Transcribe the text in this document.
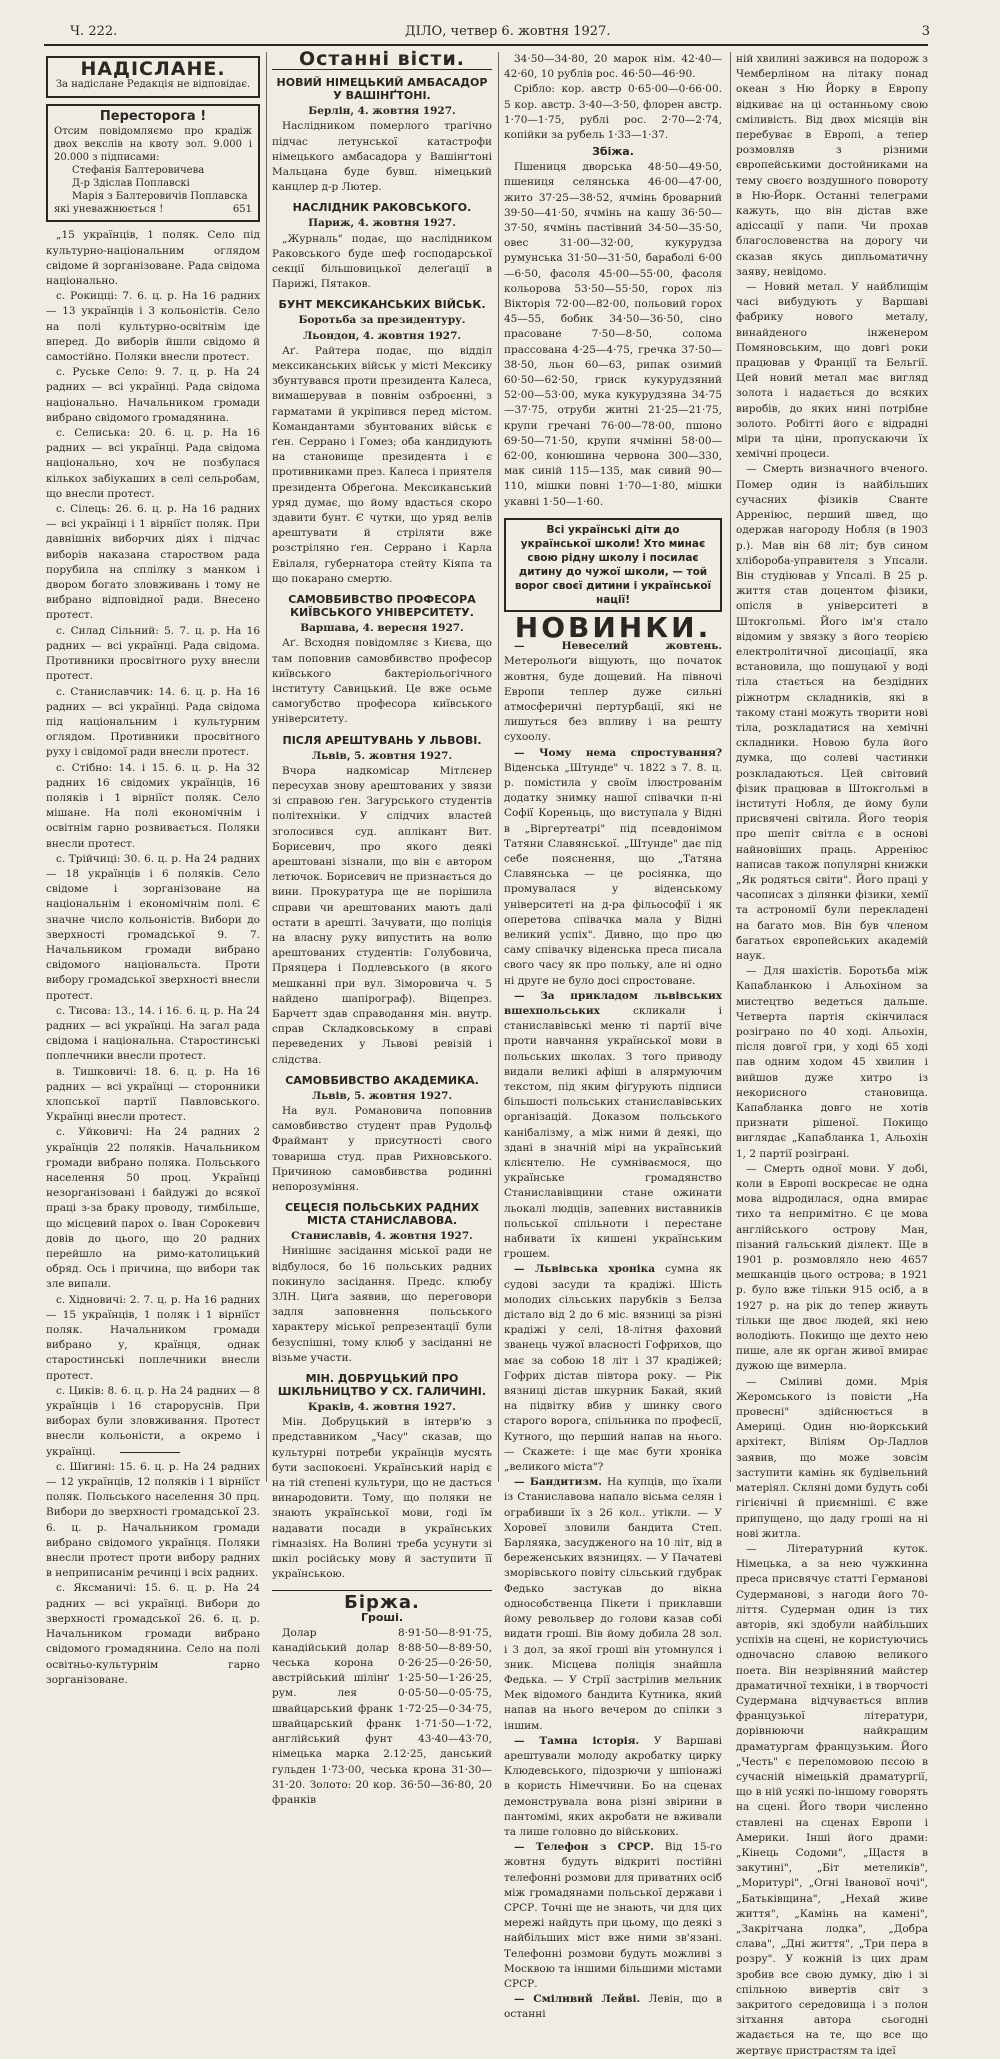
Ч. 222.	ДІЛО, четвер 6. жовтня 1927.	3
НАДІСЛАНЕ.
За надіслане Редакція не відповідає.
Пересторога !
Отсим повідомляємо про крадіж двох векслів на квоту зол. 9.000 і 20.000 з підписами:
Стефанія Балтеровичева
Д-р Здіслав Поплавскі
Марія з Балтеровичів Поплавска
які уневажнюється !	651

„15 українців, 1 поляк. Село під культурно-національним оглядом свідоме й зорганізоване. Рада свідома національно.

с. Рокицці: 7. 6. ц. р. На 16 радних — 13 українців і 3 кольоністів. Село на полі культурно-освітнім іде вперед. До виборів йшли свідомо й самостійно. Поляки внесли протест.

с. Руське Село: 9. 7. ц. р. На 24 радних — всі українці. Рада свідома національно. Начальником громади вибрано свідомого громадянина.

с. Селиська: 20. 6. ц. р. На 16 радних — всі українці. Рада свідома національно, хоч не позбулася кількох забіукаших в селі сельробам, що внесли протест.

с. Сілець: 26. 6. ц. р. На 16 радних — всі українці і 1 вірніїст поляк. При давнішніх виборчих діях і підчас виборів наказана староством рада порубила на сплілку з манком і двором богато зловживань і тому не вибрано відповідної ради. Внесено протест.

с. Силад Сільний: 5. 7. ц. р. На 16 радних — всі українці. Рада свідома. Противники просвітного руху внесли протест.

с. Станиславчик: 14. 6. ц. р. На 16 радних — всі українці. Рада свідома під національним і культурним оглядом. Противники просвітного руху і свідомої ради внесли протест.

с. Стібно: 14. і 15. 6. ц. р. На 32 радних 16 свідомих українців, 16 поляків і 1 вірніїст поляк. Село мішане. На полі економічнім і освітнім гарно розвивається. Поляки внесли протест.

с. Трійчиці: 30. 6. ц. р. На 24 радних — 18 українців і 6 поляків. Село свідоме і зорганізоване на національнім і економічнім полі. Є значне число кольоністів. Вибори до зверхності громадської 9. 7. Начальником громади вибрано свідомого національста. Проти вибору громадської зверхності внесли протест.

с. Тисова: 13., 14. і 16. 6. ц. р. На 24 радних — всі українці. На загал рада свідома і національна. Старостинські поплечники внесли протест.

в. Тишковичі: 18. 6. ц. р. На 16 радних — всі українці — сторонники хлопської партії Павловського. Українці внесли протест.

с. Уйковичі: На 24 радних 2 українців 22 поляків. Начальником громади вибрано поляка. Польського населення 50 проц. Українці незорганізовані і байдужі до всякої праці з-за браку проводу, тимбільше, що місцевий парох о. Іван Сорокевич довів до цього, що 20 радних перейшло на римо-католицький обряд. Ось і причина, що вибори так зле випали.

с. Хідновичі: 2. 7. ц. р. На 16 радних — 15 українців, 1 поляк і 1 вірніїст поляк. Начальником громади вибрано у, країнця, однак старостинські поплечники внесли протест.

с. Циків: 8. 6. ц. р. На 24 радних — 8 українців і 16 староруснів. При виборах були зловживання. Протест внесли кольоністи, а окремо і українці.

с. Шигині: 15. 6. ц. р. На 24 радних — 12 українців, 12 поляків і 1 вірніїст поляк. Польського населення 30 прц. Вибори до зверхності громадської 23. 6. ц. р. Начальником громади вибрано свідомого українця. Поляки внесли протест проти вибору радних в неприписанім речинці і всіх радних.

с. Яксманичі: 15. 6. ц. р. На 24 радних — всі українці. Вибори до зверхності громадської 26. 6. ц. р. Начальником громади вибрано свідомого громадянина. Село на полі освітньо-культурнім гарно зорганізоване.

Останні вісти.
НОВИЙ НІМЕЦЬКИЙ АМБАСАДОР У ВАШІНҐТОНІ.

Берлін, 4. жовтня 1927.

Наслідником померлого трагічно підчас летунської катастрофи німецького амбасадора у Вашінґтоні Мальцана буде бувш. німецький канцлер д-р Лютер.

НАСЛІДНИК РАКОВСЬКОГО.

Париж, 4. жовтня 1927.

„Журналь" подає, що наслідником Раковського буде шеф господарської секції більшовицької делеґації в Парижі, Пятаков.

БУНТ МЕКСИКАНСЬКИХ ВІЙСЬК.

Боротьба за президентуру.

Льондон, 4. жовтня 1927.

Аґ. Райтера подає, що відділ мексиканських військ у місті Мексику збунтувався проти президента Калеса, вимашерував в повнім озброєнні, з гарматами й укріпився перед містом. Командантами збунтованих військ є ґен. Серрано і Гомез; оба кандидують на становище президента і є противниками през. Калеса і приятеля президента Обреґона. Мексиканський уряд думає, що йому вдасться скоро здавити бунт. Є чутки, що уряд велів арештувати й стріляти вже розстріляно ґен. Серрано і Карла Евілаля, губернатора стейту Кіяпа та що покарано смертю.

САМОВБИВСТВО ПРОФЕСОРА КИЇВСЬКОГО УНІВЕРСИТЕТУ.

Варшава, 4. вересня 1927.

Аґ. Всходня повідомляє з Києва, що там поповнив самовбивство професор київського бактеріольогічного інституту Савицький. Це вже осьме самогубство професора київського університету.

ПІСЛЯ АРЕШТУВАНЬ У ЛЬВОВІ.

Львів, 5. жовтня 1927.

Вчора надкомісар Мітлєнер пересухав знову арештованих у звязи зі справою ґен. Загурського студентів політехніки. У слідчих властей зголосився сyд. аплікант Вит. Борисевич, про якого деякі арештовані зізнали, що він є автором летючок. Борисевич не признається до вини. Прокуратура ще не порішила справи чи арештованих мають далі остати в арешті. Зачувати, що поліція на власну руку випустить на волю арештованих студентів: Голубовича, Пряяцера і Подлевського (в якого мешканні при вул. Зіморовича ч. 5 найдено шапірограф). Віцепрез. Барчетт здав справодання мін. внутр. справ Складковському в справі переведених у Львові ревізій і слідства.

САМОВБИВСТВО АКАДЕМИКА.

Львів, 5. жовтня 1927.

На вул. Романовича поповнив самовбивство студент прав Рудольф Фраймант у присутності свого товариша студ. прав Рихновського. Причиною самовбивства родинні непорозуміння.

СЕЦЕСІЯ ПОЛЬСЬКИХ РАДНИХ МІСТА СТАНИСЛАВОВА.

Станиславів, 4. жовтня 1927.

Нинішнє засідання міської ради не відбулося, бо 16 польських радних покинуло засідання. Предс. клюбу ЗЛН. Циґа заявив, що переговори задля заповнення польського характеру міської репрезентації були безуспішні, тому клюб у засіданні не візьме участи.

МІН. ДОБРУЦЬКИЙ ПРО ШКІЛЬНИЦТВО У СХ. ГАЛИЧИНІ.

Краків, 4. жовтня 1927.

Мін. Добруцький в інтерв'ю з представником „Часу" сказав, що культурні потреби українців мусять бути заспокоєні. Український нарід є на тій степені культури, що не дасться винародовити. Тому, що поляки не знають української мови, годі їм надавати посади в українських гімназіях. На Волині треба усунути зі шкіл російську мову й заступити її українською.

Біржа.
Гроші.

Долар 8·91·50—8·91·75, канадійський долар 8·88·50—8·89·50, чеська корона 0·26·25—0·26·50, австрійський шілінґ 1·25·50—1·26·25, рум. лея 0·05·50—0·05·75, швайцарський франк 1·72·25—0·34·75, швайцарський франк 1·71·50—1·72, англійський фунт 43·40—43·70, німецька марка 2.12·25, данський гульден 1·73·00, чеська крона 31·30—31·20. Золото: 20 кор. 36·50—36·80, 20 франків

34·50—34·80, 20 марок нім. 42·40—42·60, 10 рублів рос. 46·50—46·90.

Срібло: кор. австр 0·65·00—0·66·00. 5 кор. австр. 3·40—3·50, флорен австр. 1·70—1·75, рублі рос. 2·70—2·74, копійки за рубель 1·33—1·37.

Збіжа.

Пшениця дворська 48·50—49·50, пшениця селянська 46·00—47·00, жито 37·25—38·52, ячмінь броварний 39·50—41·50, ячмінь на кашу 36·50—37·50, ячмінь пастівний 34·50—35·50, овес 31·00—32·00, кукурудза румунська 31·50—31·50, бараболі 6·00—6·50, фасоля 45·00—55·00, фасоля кольорова 53·50—55·50, горох ліз Вікторія 72·00—82·00, польовий горох 45—55, бобик 34·50—36·50, сіно прасоване 7·50—8·50, солома прассована 4·25—4·75, гречка 37·50—38·50, льон 60—63, рипак озимий 60·50—62·50, гриск кукурудзяний 52·00—53·00, мука кукурудзяна 34·75—37·75, отруби житні 21·25—21·75, крупи гречані 76·00—78·00, пшоно 69·50—71·50, крупи ячмінні 58·00—62·00, конюшина червона 300—330, мак синій 115—135, мак сивий 90—110, мішки повні 1·70—1·80, мішки укавні 1·50—1·60.

Всі українські діти до української школи! Хто минає свою рідну школу і посилає дитину до чужої школи, — той ворог своєї дитини і української нації!
НОВИНКИ.

— Невеселий жовтень. Метерольоґи віщують, що початок жовтня, буде дощевий. На півночі Европи теплер дуже сильні атмосферичні пертурбації, які не лишуться без впливу і на решту сухоолу.

— Чому нема спростування? Віденська „Штунде" ч. 1822 з 7. 8. ц. р. помістила у своїм ілюстрованім додатку знимку нашої співачки п-ні Софії Кореньць, що виступала у Відні в „Віргертеатрі" під псевдонімом Татяни Славянської. „Штунде" дає під себе пояснення, що „Татяна Славянська — це росіянка, що промувалася у віденському університеті на д-ра фільософії і як оперетова співачка мала у Відні великий успіх". Дивно, що про цю саму співачку віденська преса писала свого часу як про польку, але ні одно ні друге не було досі спростоване.

— За прикладом львівських вшехпольських	скликали і станиславівські меню ті партії віче проти навчання української мови в польських школах. З того приводу видали великі афіші в алярмуючим текстом, під яким фіґурують підписи більшості польських станиславівських організацій. Доказом польського канібалізму, а між ними й деякі, що здані в значній мірі на український клієнтелю. Не сумніваємося, що українське громадянство Станиславівщини стане ожинати льокалі людців, запевних виставників польської спільноти і перестане набивати їх кишені українським грошем.

— Львівська хроніка сумна як судові засуди та крадіжі. Шість молодих сільських парубків з Белза дістало від 2 до 6 міс. вязниці за різні крадіжі у селі, 18-літня фаховий званець чужої власності Гофрихов, що має за собою 18 літ і 37 крадіжей; Гофрих дістав півтора року. — Рік вязниці дістав шкурник Бакай, який на підвітку вбив у шинку свого старого ворога, спільника по професії, Кутного, що перший напав на нього. — Скажете: і ще має бути хроніка „великого міста"?

— Бандитизм. На купців, що їхали із Станиславова напало вісьма селян і ограбивши їх з 26 кол.. утікли. — У Хоровеї зловили бандита Степ. Барляяка, засудженого на 10 літ, від в береженських вязницях. — У Пачатеві зморівського повіту сільський гдубрак Федько застукав до вікна однособственца Пікети і приклавши йому револьвер до голови казав собі видати гроші. Вів йому добила 28 зол. і 3 дол, за якої гроші він утомнулся і зник. Місцева поліція знайшла Федька. — У Стрії застрілив мельник Мек відомого бандита Кутника, який напав на нього вечером до спілки з іншим.

— Тамна історія. У Варшаві арештували молоду акробатку цирку Клюдевського, підозрючи у шпіонажі в користь Німеччини. Бо на сценах демонструвала вона різні звірини в пантомімі, яких акробати не вживали та лише головно до військових.

— Телефон з СРСР. Від 15-го жовтня будуть відкриті постійні телефонні розмови для приватних осіб між громадянами польської держави і СРСР. Точні ще не знають, чи для цих мережі найдуть при цьому, що деякі з найбільших міст вже ними зв'язані. Телефонні розмови будуть можливі з Москвою та іншими більшими містами СРСР.

— Сміливий Лейві. Левін, що в останні

ній хвилині зажився на подорож з Чемберліном на літаку понад океан з Ню Йорку в Европу відкиває на ці останньому свою сміливість. Від двох місяців він перебуває в Европі, а тепер розмовляв з різними європейськими достойниками на тему своєго воздушного повороту в Ню-Йорк. Останні телеграми кажуть, що він дістав вже адіссації у папи. Чи прохав благословенства на дорогу чи сказав якусь дипльоматичну заяву, невідомо.

— Новий метал. У найблищім часі вибудують у Варшаві фабрику нового металу, винайденого інженером Помяновським, що довгі роки працював у Франції та Бельгії. Цей новий метал має вигляд золота і надається до всяких виробів, до яких нині потрібне золото. Робітті його є відрадні міри та ціни, пропускаючи їх хемічні процеси.

— Смерть визначного вченого. Помер один із найбільших сучасних фізиків Сванте Арреніюс, перший швед, що одержав нагороду Нобля (в 1903 р.). Мав він 68 літ; був сином хлібороба-управителя з Упсали. Він студіював у Упсалі. В 25 р. життя став доцентом фізики, опісля в університеті в Штокгольмі. Його ім'я стало відомим у звязку з його теорією електролітичної дисоціації, яка встановила, що пошуцаюї у воді тіла стається на бездідних ріжнотрм складників, які в такому стані можуть творити нові тіла, розкладатися на хемічні складники. Новою була його думка, що солеві частинки розкладаються. Цей світовий фізик працював в Штокгольмі в інституті Нобля, де йому були присвячені світила. Його теорія про шепіт світла є в основі найновіших праць. Арреніюс написав також популярні книжки „Як родяться світи". Його праці у часописах з ділянки фізики, хемії та астрономії були перекладені на багато мов. Він був членом багатьох європейських академій наук.

— Для шахістів. Боротьба між Капабланкою і Альохіном за мистецтво ведеться дальше. Четверта партія скінчилася розіграно по 40 ході. Альохін, після довгої гри, у ході 65 ході пав одним ходом 45 хвилин і вийшов дуже хитро із некорисного становища. Капабланка довго не хотів признати рішеної. Покищо виглядає „Капабланка 1, Альохін 1, 2 партії розіграні.

— Смерть одної мови. У добі, коли в Европі воскресає не одна мова відродилася, одна вмирає тихо та непримітно. Є це мова англійського острову Ман, пізаний гальський діялект. Ще в 1901 р. розмовляло нею 4657 мешканців цього острова; в 1921 р. було вже тільки 915 осіб, а в 1927 р. на рік до тепер живуть тільки ще двоє людей, які нею володіють. Покищо ще дехто нею пише, але як орган живої вмирає дужою ще вимерла.

— Сміливі доми. Мрія Жеромського із повісти „На провесні" здійснюється в Америці. Один ню-йоркський архітект, Віліям Ор-Ладлов заявив, що може зовсім заступити камінь як будівельний матеріял. Скляні доми будуть собі гігієнічні й приємніші. Є вже припущено, що даду гроші на ні нові житла.

— Літературний куток. Німецька, а за нею чужкинна преса присвячує статті Германові Судерманові, з нагоди його 70-ліття. Судерман один із тих авторів, які здобули найбільших успіхів на сцені, не користуючись одночасно славою великого поета. Він незрівняний майстер драматичної техніки, і в творчості Судермана відчувається вплив французької літератури, дорівнюючи найкращим драматургам французьким. Його „Честь" є переломовою пєсою в сучасній німецькій драматургії, що в ній усякі по-іншому говорять на сцені. Його твори численно ставлені на сценах Европи і Америки. Інші його драми: „Кінець Содоми", „Щастя в закутині", „Біт метеликів", „Моритурі", „Огні Іванової ночі", „Батьківщина", „Нехай живе життя", „Камінь на камені", „Закрітчана лодка", „Добра слава", „Дні життя", „Три пера в розру". У кожній із цих драм зробив все свою думку, дію і зі спільною вивертів світ з закритого середовища і з полон зітхання автора сьогодні жадається на те, що все що жертвує пристрастям та ідеї
